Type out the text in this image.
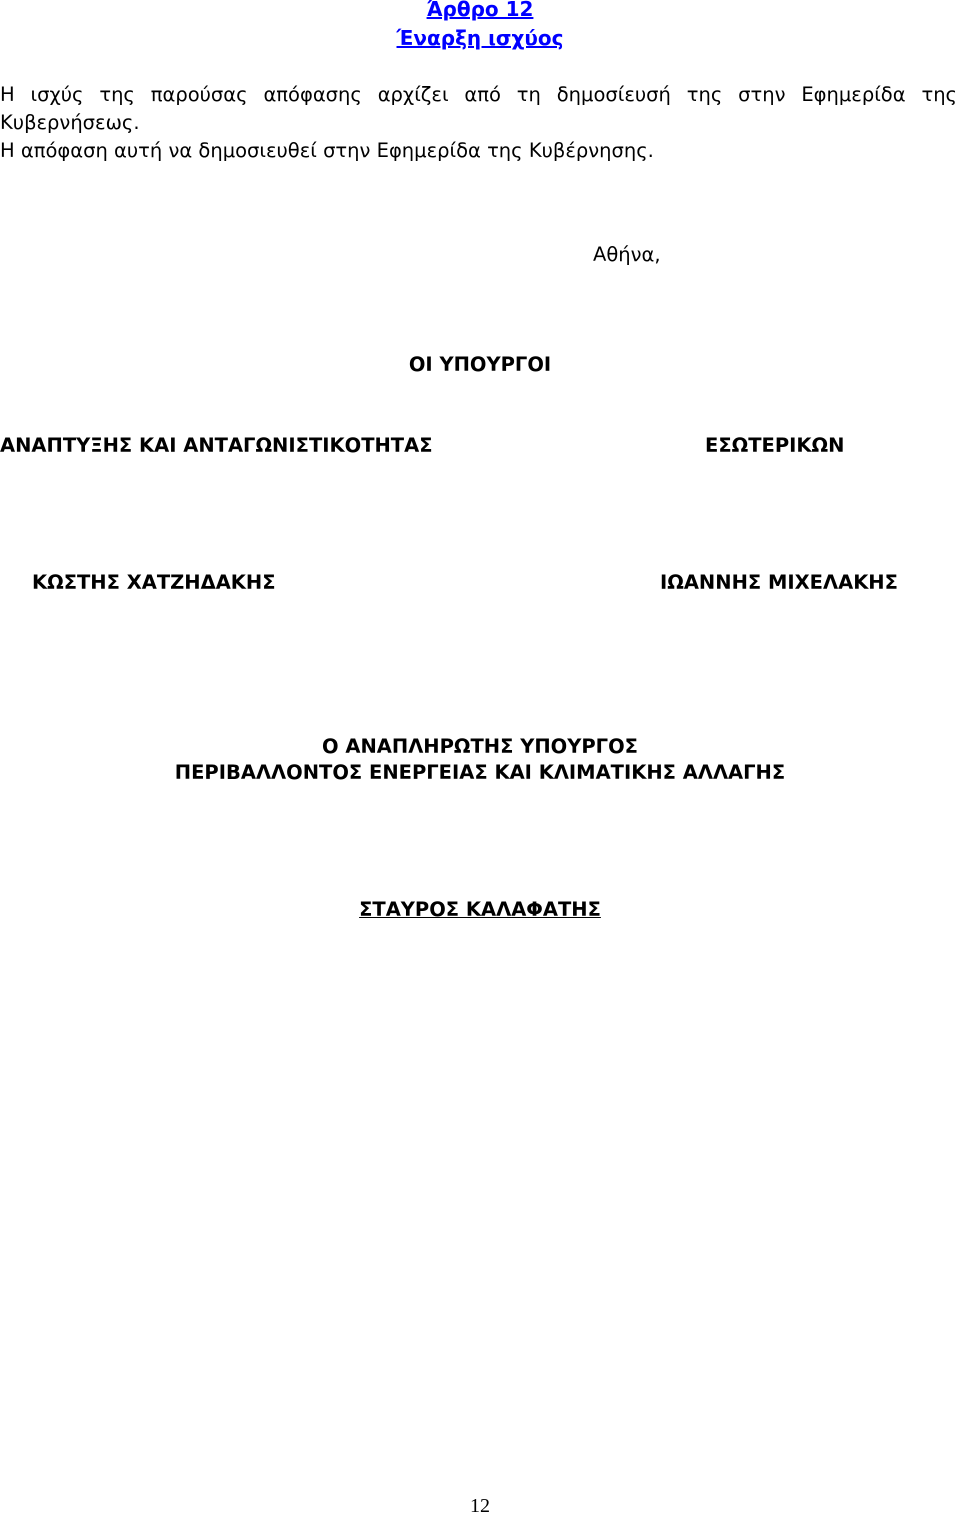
Άρθρο 12
Έναρξη ισχύος
Η ισχύς της παρούσας απόφασης αρχίζει από τη δημοσίευσή της στην Εφημερίδα της
Κυβερνήσεως.
Η απόφαση αυτή να δημοσιευθεί στην Εφημερίδα της Κυβέρνησης.
Αθήνα,
ΟΙ ΥΠΟΥΡΓΟΙ
ΑΝΑΠΤΥΞΗΣ ΚΑΙ ΑΝΤΑΓΩΝΙΣΤΙΚΟΤΗΤΑΣ	ΕΣΩΤΕΡΙΚΩΝ
ΚΩΣΤΗΣ ΧΑΤΖΗΔΑΚΗΣ	ΙΩΑΝΝΗΣ ΜΙΧΕΛΑΚΗΣ
Ο ΑΝΑΠΛΗΡΩΤΗΣ ΥΠΟΥΡΓΟΣ
ΠΕΡΙΒΑΛΛΟΝΤΟΣ ΕΝΕΡΓΕΙΑΣ ΚΑΙ ΚΛΙΜΑΤΙΚΗΣ ΑΛΛΑΓΗΣ
ΣΤΑΥΡΟΣ ΚΑΛΑΦΑΤΗΣ
12
